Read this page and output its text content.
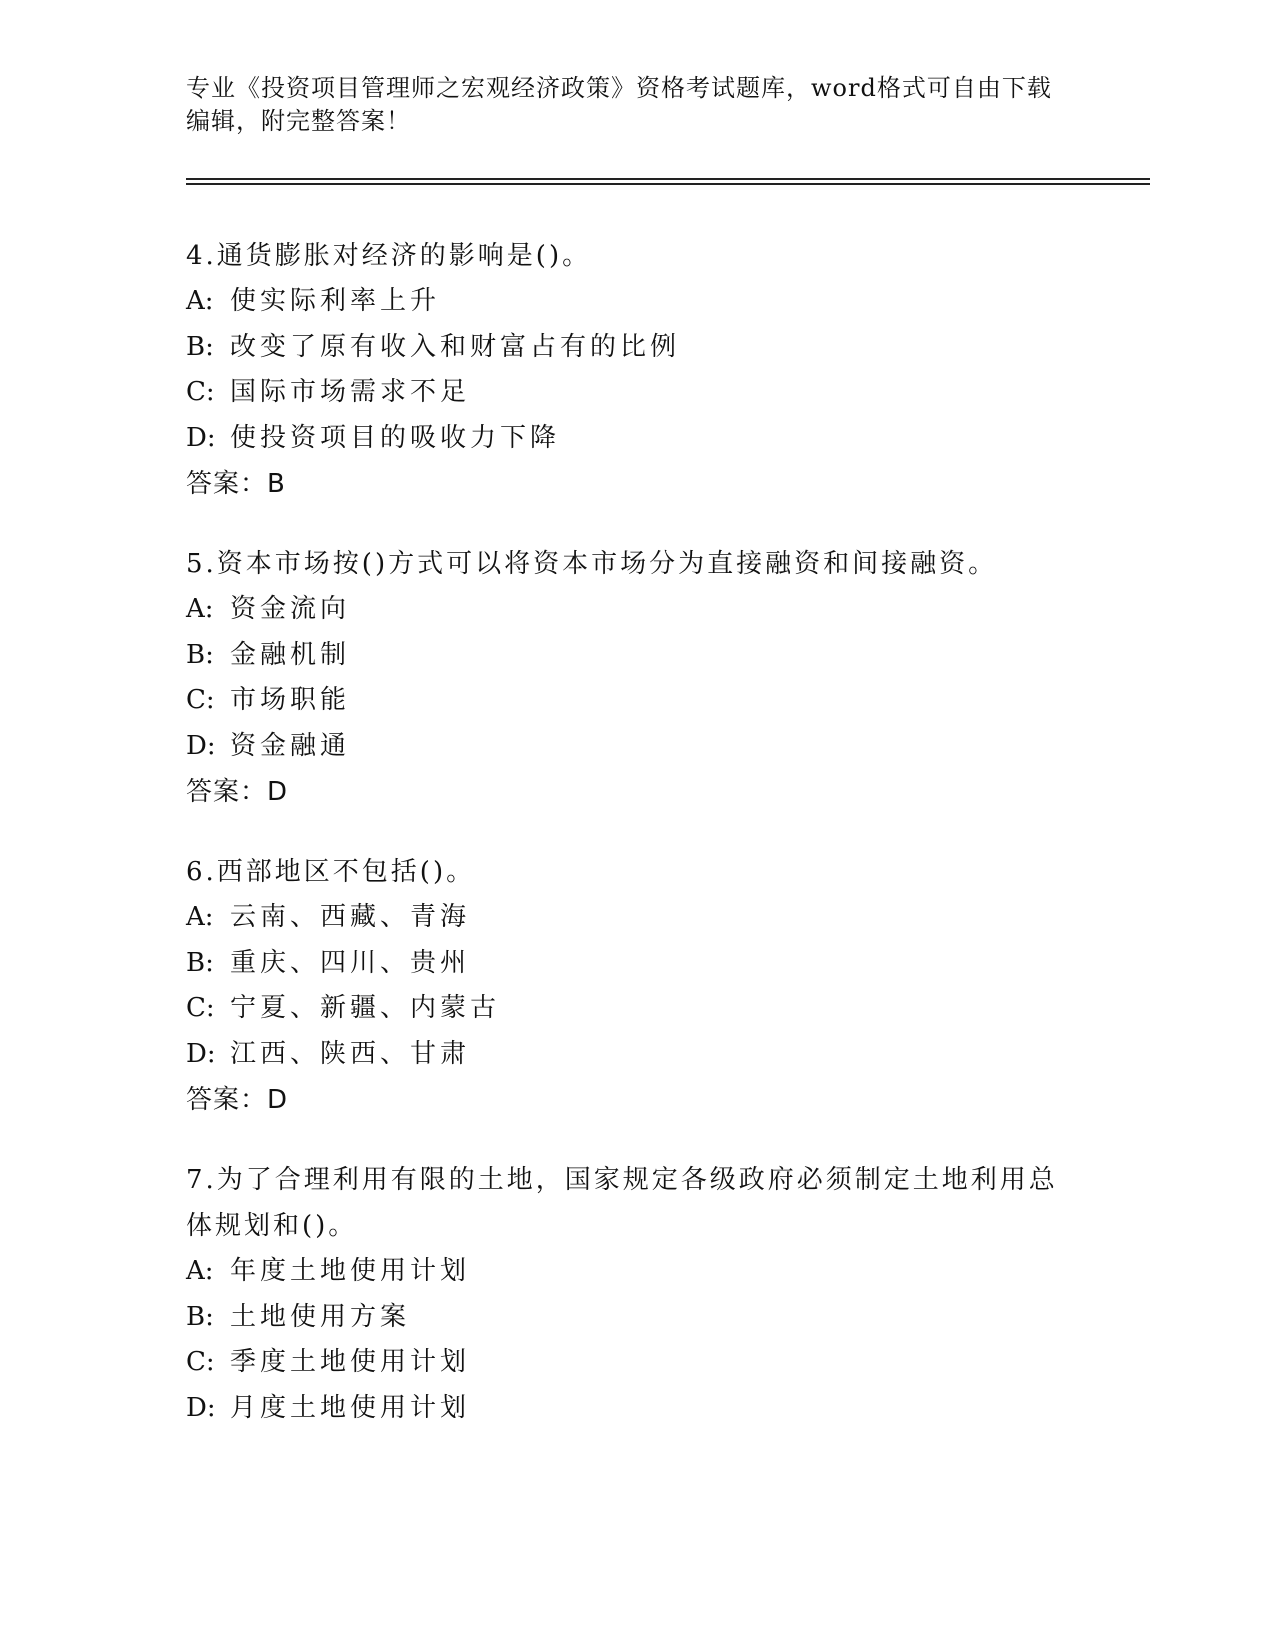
专业《投资项目管理师之宏观经济政策》资格考试题库，word格式可自由下载编辑，附完整答案！
4.通货膨胀对经济的影响是()。
A: 使实际利率上升
B: 改变了原有收入和财富占有的比例
C: 国际市场需求不足
D: 使投资项目的吸收力下降
答案：B
5.资本市场按()方式可以将资本市场分为直接融资和间接融资。
A: 资金流向
B: 金融机制
C: 市场职能
D: 资金融通
答案：D
6.西部地区不包括()。
A: 云南、西藏、青海
B: 重庆、四川、贵州
C: 宁夏、新疆、内蒙古
D: 江西、陕西、甘肃
答案：D
7.为了合理利用有限的土地，国家规定各级政府必须制定土地利用总体规划和()。
A: 年度土地使用计划
B: 土地使用方案
C: 季度土地使用计划
D: 月度土地使用计划
